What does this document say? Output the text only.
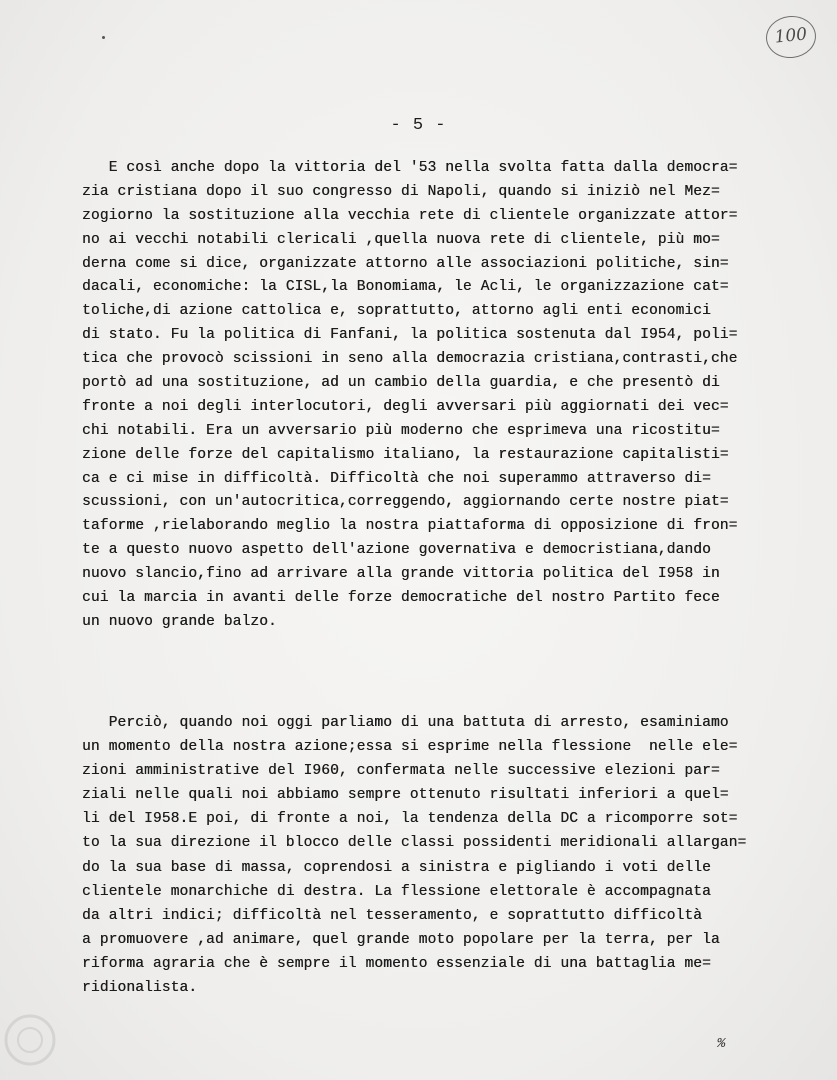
100
- 5 -
E così anche dopo la vittoria del '53 nella svolta fatta dalla democra=
zia cristiana dopo il suo congresso di Napoli, quando si iniziò nel Mez=
zogiorno la sostituzione alla vecchia rete di clientele organizzate attor=
no ai vecchi notabili clericali ,quella nuova rete di clientele, più mo=
derna come si dice, organizzate attorno alle associazioni politiche, sin=
dacali, economiche: la CISL,la Bonomiama, le Acli, le organizzazione cat=
toliche,di azione cattolica e, soprattutto, attorno agli enti economici
di stato. Fu la politica di Fanfani, la politica sostenuta dal I954, poli=
tica che provocò scissioni in seno alla democrazia cristiana,contrasti,che
portò ad una sostituzione, ad un cambio della guardia, e che presentò di
fronte a noi degli interlocutori, degli avversari più aggiornati dei vec=
chi notabili. Era un avversario più moderno che esprimeva una ricostitu=
zione delle forze del capitalismo italiano, la restaurazione capitalisti=
ca e ci mise in difficoltà. Difficoltà che noi superammo attraverso di=
scussioni, con un'autocritica,correggendo, aggiornando certe nostre piat=
taforme ,rielaborando meglio la nostra piattaforma di opposizione di fron=
te a questo nuovo aspetto dell'azione governativa e democristiana,dando
nuovo slancio,fino ad arrivare alla grande vittoria politica del I958 in
cui la marcia in avanti delle forze democratiche del nostro Partito fece
un nuovo grande balzo.
Perciò, quando noi oggi parliamo di una battuta di arresto, esaminiamo
un momento della nostra azione;essa si esprime nella flessione  nelle ele=
zioni amministrative del I960, confermata nelle successive elezioni par=
ziali nelle quali noi abbiamo sempre ottenuto risultati inferiori a quel=
li del I958.E poi, di fronte a noi, la tendenza della DC a ricomporre sot=
to la sua direzione il blocco delle classi possidenti meridionali allargan=
do la sua base di massa, coprendosi a sinistra e pigliando i voti delle
clientele monarchiche di destra. La flessione elettorale è accompagnata
da altri indici; difficoltà nel tesseramento, e soprattutto difficoltà
a promuovere ,ad animare, quel grande moto popolare per la terra, per la
riforma agraria che è sempre il momento essenziale di una battaglia me=
ridionalista.
%
